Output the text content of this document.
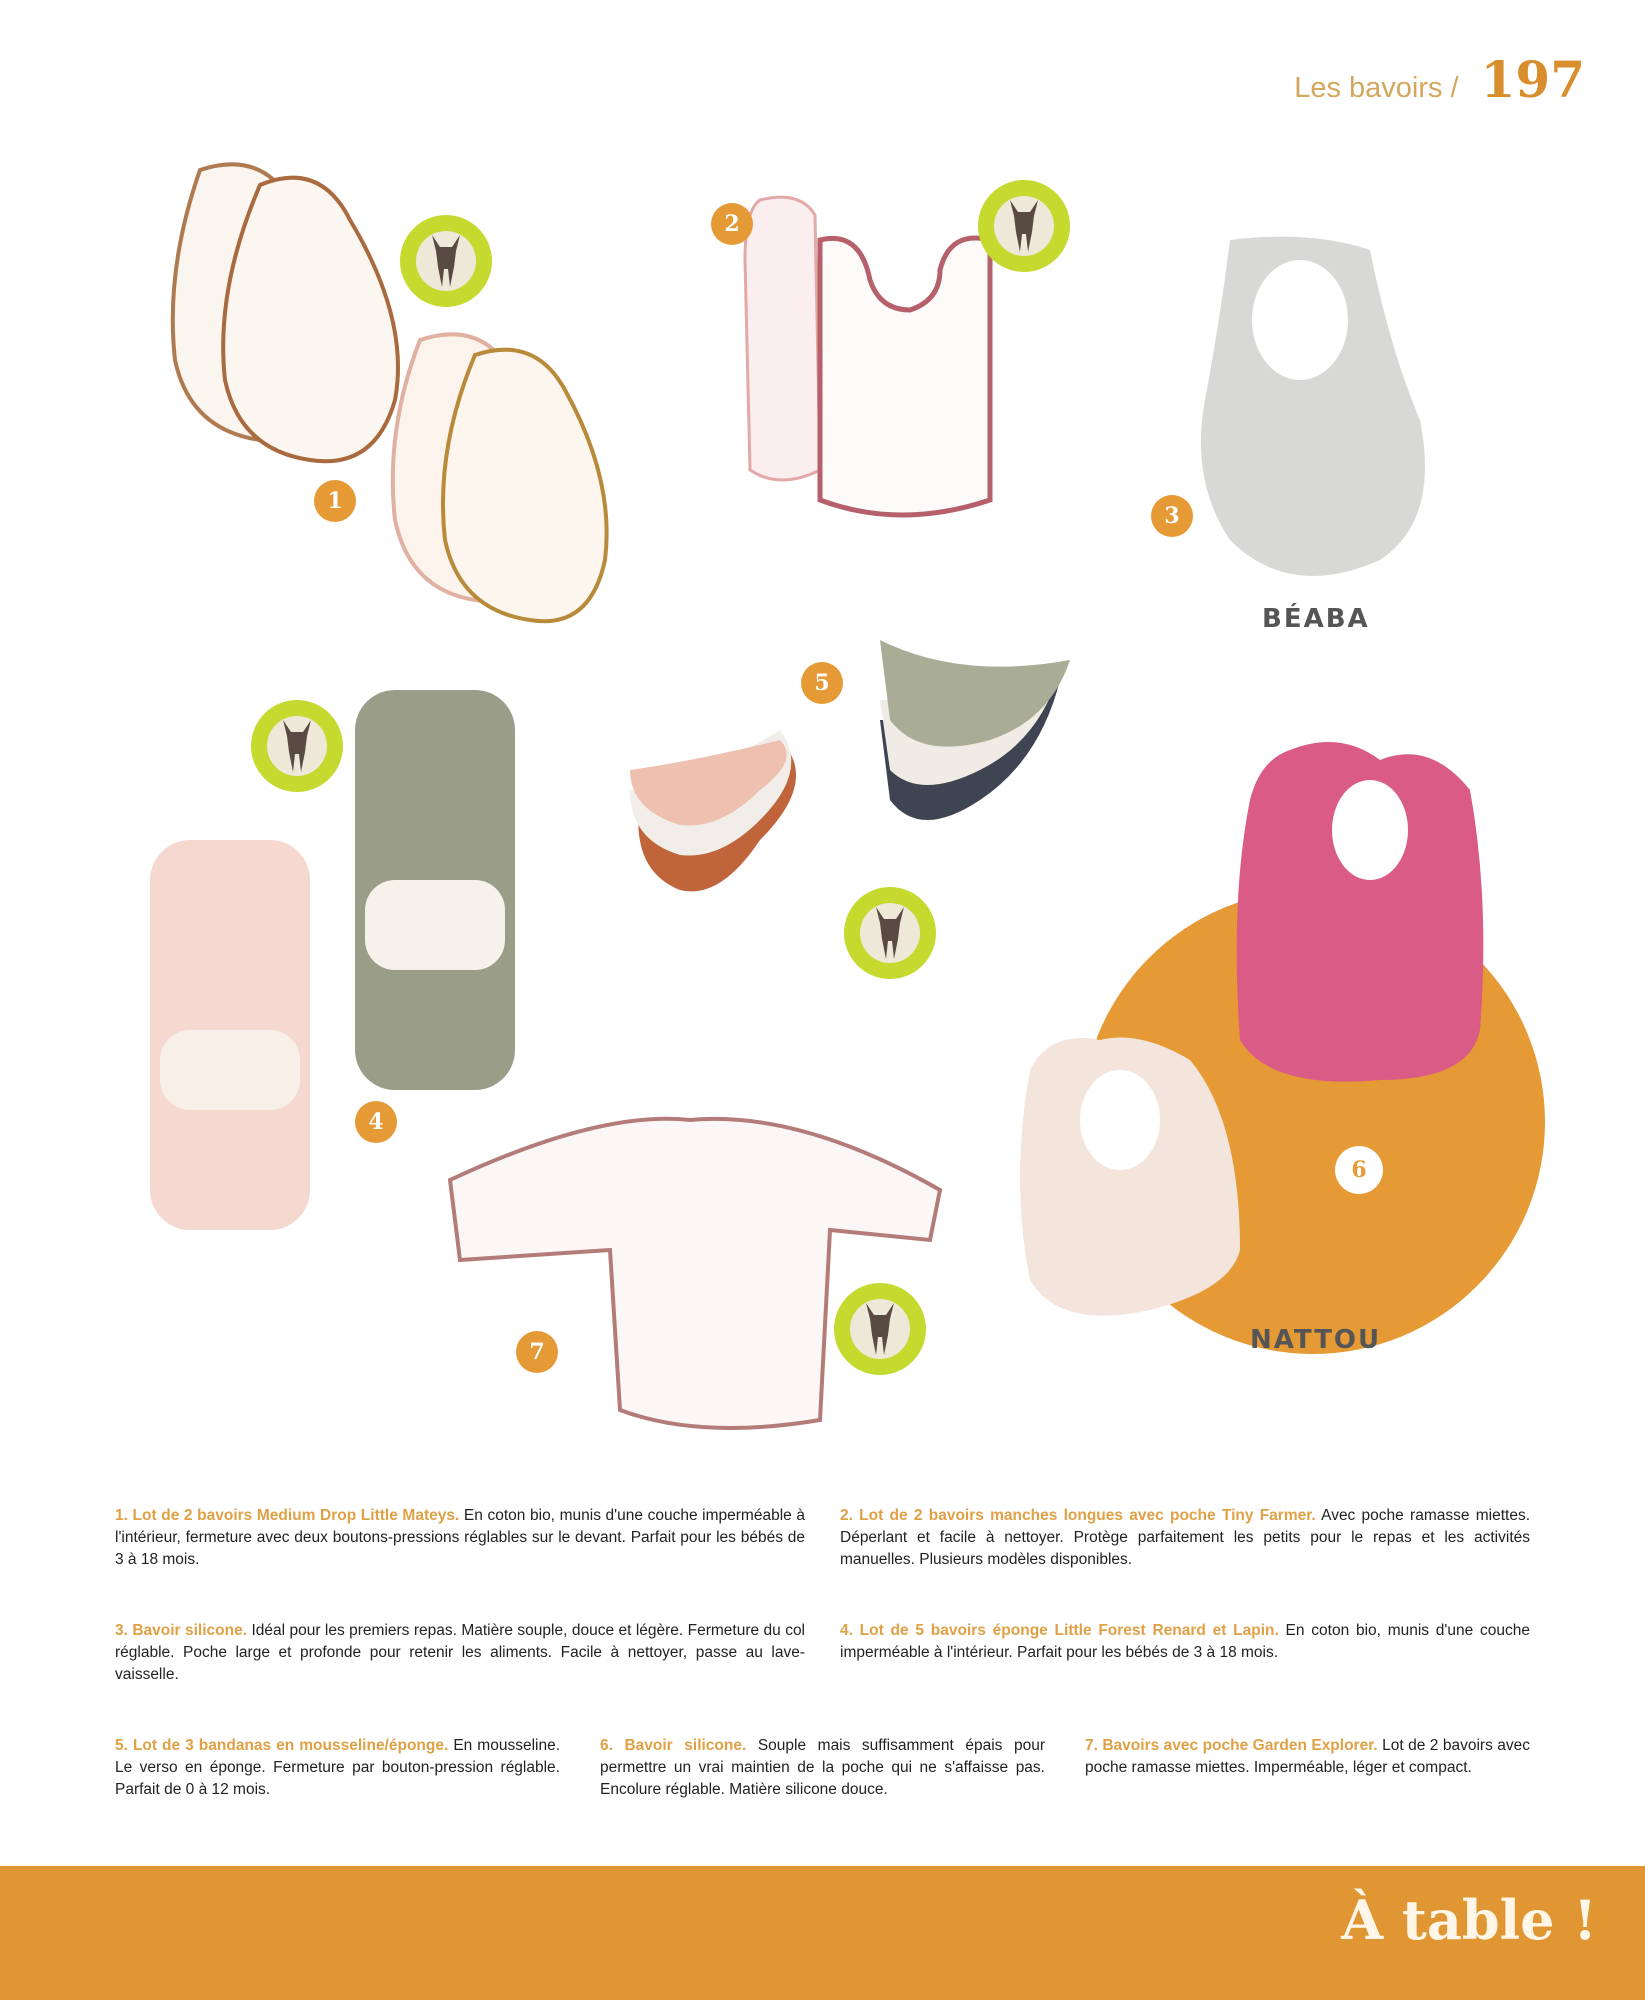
Les bavoirs / 197
1
2
3
4
5
6
7
BÉABA
NATTOU
1. Lot de 2 bavoirs Medium Drop Little Mateys. En coton bio, munis d'une couche imperméable à l'intérieur, fermeture avec deux boutons-pressions réglables sur le devant. Parfait pour les bébés de 3 à 18 mois.
2. Lot de 2 bavoirs manches longues avec poche Tiny Farmer. Avec poche ramasse miettes. Déperlant et facile à nettoyer. Protège parfaitement les petits pour le repas et les activités manuelles. Plusieurs modèles disponibles.
3. Bavoir silicone. Idéal pour les premiers repas. Matière souple, douce et légère. Fermeture du col réglable. Poche large et profonde pour retenir les aliments. Facile à nettoyer, passe au lave-vaisselle.
4. Lot de 5 bavoirs éponge Little Forest Renard et Lapin. En coton bio, munis d'une couche imperméable à l'intérieur. Parfait pour les bébés de 3 à 18 mois.
5. Lot de 3 bandanas en mousseline/éponge. En mousseline. Le verso en éponge. Fermeture par bouton-pression réglable. Parfait de 0 à 12 mois.
6. Bavoir silicone. Souple mais suffisamment épais pour permettre un vrai maintien de la poche qui ne s'affaisse pas. Encolure réglable. Matière silicone douce.
7. Bavoirs avec poche Garden Explorer. Lot de 2 bavoirs avec poche ramasse miettes. Imperméable, léger et compact.
À table !
